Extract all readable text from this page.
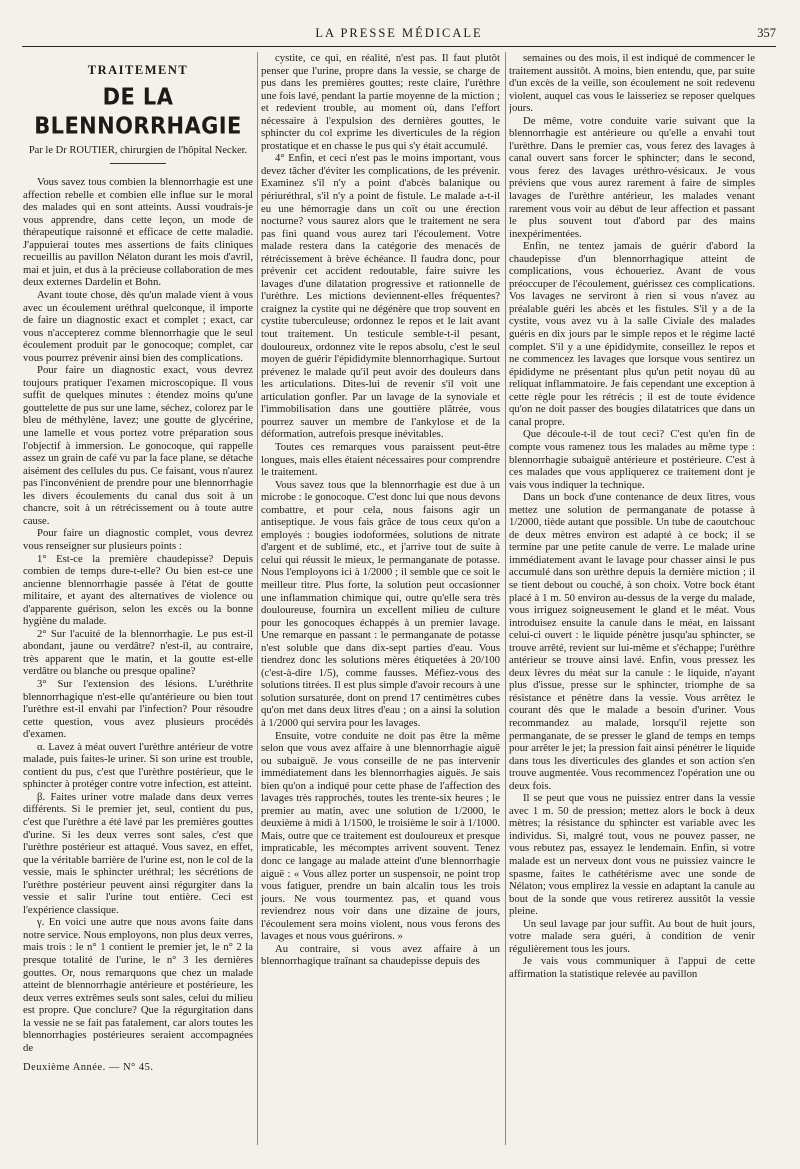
LA PRESSE MÉDICALE	357
TRAITEMENT
DE LA BLENNORRHAGIE
Par le Dr ROUTIER, chirurgien de l'hôpital Necker.

Vous savez tous combien la blennorrhagie est une affection rebelle et combien elle influe sur le moral des malades qui en sont atteints. Aussi voudrais-je vous apprendre, dans cette leçon, un mode de thérapeutique raisonné et efficace de cette maladie. J'appuierai toutes mes assertions de faits cliniques recueillis au pavillon Nélaton durant les mois d'avril, mai et juin, et dus à la précieuse collaboration de mes deux externes Dardelin et Bohn.

Avant toute chose, dès qu'un malade vient à vous avec un écoulement uréthral quelconque, il importe de faire un diagnostic exact et complet ; exact, car vous n'accepterez comme blennorrhagie que le seul écoulement produit par le gonocoque; complet, car vous pourrez prévenir ainsi bien des complications.

Pour faire un diagnostic exact, vous devrez toujours pratiquer l'examen microscopique. Il vous suffit de quelques minutes : étendez moins qu'une gouttelette de pus sur une lame, séchez, colorez par le bleu de méthylène, lavez; une goutte de glycérine, une lamelle et vous portez votre préparation sous l'objectif à immersion. Le gonocoque, qui rappelle assez un grain de café vu par la face plane, se détache aisément des cellules du pus. Ce faisant, vous n'aurez pas l'inconvénient de prendre pour une blennorrhagie les divers écoulements du canal dus soit à un chancre, soit à un rétrécissement ou à toute autre cause.

Pour faire un diagnostic complet, vous devrez vous renseigner sur plusieurs points :

1° Est-ce la première chaudepisse? Depuis combien de temps dure-t-elle? Ou bien est-ce une ancienne blennorrhagie passée à l'état de goutte militaire, et ayant des alternatives de violence ou d'apparente guérison, selon les excès ou la bonne hygiène du malade.

2° Sur l'acuité de la blennorrhagie. Le pus est-il abondant, jaune ou verdâtre? n'est-il, au contraire, très apparent que le matin, et la goutte est-elle verdâtre ou blanche ou presque opaline?

3° Sur l'extension des lésions. L'uréthrite blennorrhagique n'est-elle qu'antérieure ou bien tout l'urèthre est-il envahi par l'infection? Pour résoudre cette question, vous avez plusieurs procédés d'examen.

α. Lavez à méat ouvert l'urèthre antérieur de votre malade, puis faites-le uriner. Si son urine est trouble, contient du pus, c'est que l'urèthre postérieur, que le sphincter à protéger contre votre infection, est atteint.

β. Faites uriner votre malade dans deux verres différents. Si le premier jet, seul, contient du pus, c'est que l'urèthre a été lavé par les premières gouttes d'urine. Si les deux verres sont sales, c'est que l'urèthre postérieur est attaqué. Vous savez, en effet, que la véritable barrière de l'urine est, non le col de la vessie, mais le sphincter uréthral; les sécrétions de l'urèthre postérieur peuvent ainsi régurgiter dans la vessie et salir l'urine tout entière. Ceci est l'expérience classique.

γ. En voici une autre que nous avons faite dans notre service. Nous employons, non plus deux verres, mais trois : le n° 1 contient le premier jet, le n° 2 la presque totalité de l'urine, le n° 3 les dernières gouttes. Or, nous remarquons que chez un malade atteint de blennorrhagie antérieure et postérieure, les deux verres extrêmes seuls sont sales, celui du milieu est propre. Que conclure? Que la régurgitation dans la vessie ne se fait pas fatalement, car alors toutes les blennorrhagies postérieures seraient accompagnées de

Deuxième Année. — N° 45.

cystite, ce qui, en réalité, n'est pas. Il faut plutôt penser que l'urine, propre dans la vessie, se charge de pus dans les premières gouttes; reste claire, l'urèthre une fois lavé, pendant la partie moyenne de la miction ; et redevient trouble, au moment où, dans l'effort nécessaire à l'expulsion des dernières gouttes, le sphincter du col exprime les diverticules de la région prostatique et en chasse le pus qui s'y était accumulé.

4° Enfin, et ceci n'est pas le moins important, vous devez tâcher d'éviter les complications, de les prévenir. Examinez s'il n'y a point d'abcès balanique ou périuréthral, s'il n'y a point de fistule. Le malade a-t-il eu une hémorragie dans un coït ou une érection nocturne? vous saurez alors que le traitement ne sera pas fini quand vous aurez tari l'écoulement. Votre malade restera dans la catégorie des menacés de rétrécissement à brève échéance. Il faudra donc, pour prévenir cet accident redoutable, faire suivre les lavages d'une dilatation progressive et rationnelle de l'urèthre. Les mictions deviennent-elles fréquentes? craignez la cystite qui ne dégénère que trop souvent en cystite tuberculeuse; ordonnez le repos et le lait avant tout traitement. Un testicule semble-t-il pesant, douloureux, ordonnez vite le repos absolu, c'est le seul moyen de guérir l'épididymite blennorrhagique. Surtout prévenez le malade qu'il peut avoir des douleurs dans les articulations. Dites-lui de revenir s'il voit une articulation gonfler. Par un lavage de la synoviale et l'immobilisation dans une gouttière plâtrée, vous pourrez sauver un membre de l'ankylose et de la déformation, autrefois presque inévitables.

Toutes ces remarques vous paraissent peut-être longues, mais elles étaient nécessaires pour comprendre le traitement.

Vous savez tous que la blennorrhagie est due à un microbe : le gonocoque. C'est donc lui que nous devons combattre, et pour cela, nous faisons agir un antiseptique. Je vous fais grâce de tous ceux qu'on a employés : bougies iodoformées, solutions de nitrate d'argent et de sublimé, etc., et j'arrive tout de suite à celui qui réussit le mieux, le permanganate de potasse. Nous l'employons ici à 1/2000 ; il semble que ce soit le meilleur titre. Plus forte, la solution peut occasionner une inflammation chimique qui, outre qu'elle sera très douloureuse, fournira un excellent milieu de culture pour les gonocoques échappés à un premier lavage. Une remarque en passant : le permanganate de potasse n'est soluble que dans dix-sept parties d'eau. Vous tiendrez donc les solutions mères étiquetées à 20/100 (c'est-à-dire 1/5), comme fausses. Méfiez-vous des solutions titrées. Il est plus simple d'avoir recours à une solution sursaturée, dont on prend 17 centimètres cubes qu'on met dans deux litres d'eau ; on a ainsi la solution à 1/2000 qui servira pour les lavages.

Ensuite, votre conduite ne doit pas être la même selon que vous avez affaire à une blennorrhagie aiguë ou subaiguë. Je vous conseille de ne pas intervenir immédiatement dans les blennorrhagies aiguës. Je sais bien qu'on a indiqué pour cette phase de l'affection des lavages très rapprochés, toutes les trente-six heures ; le premier au matin, avec une solution de 1/2000, le deuxième à midi à 1/1500, le troisième le soir à 1/1000. Mais, outre que ce traitement est douloureux et presque impraticable, les mécomptes arrivent souvent. Tenez donc ce langage au malade atteint d'une blennorrhagie aiguë : « Vous allez porter un suspensoir, ne point trop vous fatiguer, prendre un bain alcalin tous les trois jours. Ne vous tourmentez pas, et quand vous reviendrez nous voir dans une dizaine de jours, l'écoulement sera moins violent, nous vous ferons des lavages et nous vous guérirons. »

Au contraire, si vous avez affaire à un blennorrhagique traînant sa chaudepisse depuis des

semaines ou des mois, il est indiqué de commencer le traitement aussitôt. A moins, bien entendu, que, par suite d'un excès de la veille, son écoulement ne soit redevenu violent, auquel cas vous le laisseriez se reposer quelques jours.

De même, votre conduite varie suivant que la blennorrhagie est antérieure ou qu'elle a envahi tout l'urèthre. Dans le premier cas, vous ferez des lavages à canal ouvert sans forcer le sphincter; dans le second, vous ferez des lavages uréthro-vésicaux. Je vous préviens que vous aurez rarement à faire de simples lavages de l'urèthre antérieur, les malades venant rarement vous voir au début de leur affection et passant le plus souvent tout d'abord par des mains inexpérimentées.

Enfin, ne tentez jamais de guérir d'abord la chaudepisse d'un blennorrhagique atteint de complications, vous échoueriez. Avant de vous préoccuper de l'écoulement, guérissez ces complications. Vos lavages ne serviront à rien si vous n'avez au préalable guéri les abcès et les fistules. S'il y a de la cystite, vous avez vu à la salle Civiale des malades guéris en dix jours par le simple repos et le régime lacté complet. S'il y a une épididymite, conseillez le repos et ne commencez les lavages que lorsque vous sentirez un épididyme ne présentant plus qu'un petit noyau dû au reliquat inflammatoire. Je fais cependant une exception à cette règle pour les rétrécis ; il est de toute évidence qu'on ne doit passer des bougies dilatatrices que dans un canal propre.

Que découle-t-il de tout ceci? C'est qu'en fin de compte vous ramenez tous les malades au même type : blennorrhagie subaiguë antérieure et postérieure. C'est à ces malades que vous appliquerez ce traitement dont je vais vous indiquer la technique.

Dans un bock d'une contenance de deux litres, vous mettez une solution de permanganate de potasse à 1/2000, tiède autant que possible. Un tube de caoutchouc de deux mètres environ est adapté à ce bock; il se termine par une petite canule de verre. Le malade urine immédiatement avant le lavage pour chasser ainsi le pus accumulé dans son urèthre depuis la dernière miction ; il se tient debout ou couché, à son choix. Votre bock étant placé à 1 m. 50 environ au-dessus de la verge du malade, vous irriguez soigneusement le gland et le méat. Vous introduisez ensuite la canule dans le méat, en laissant celui-ci ouvert : le liquide pénètre jusqu'au sphincter, se trouve arrêté, revient sur lui-même et s'échappe; l'urèthre antérieur se trouve ainsi lavé. Enfin, vous pressez les deux lèvres du méat sur la canule : le liquide, n'ayant plus d'issue, presse sur le sphincter, triomphe de sa résistance et pénètre dans la vessie. Vous arrêtez le courant dès que le malade a besoin d'uriner. Vous recommandez au malade, lorsqu'il rejette son permanganate, de se presser le gland de temps en temps pour arrêter le jet; la pression fait ainsi pénétrer le liquide dans tous les diverticules des glandes et son action s'en trouve augmentée. Vous recommencez l'opération une ou deux fois.

Il se peut que vous ne puissiez entrer dans la vessie avec 1 m. 50 de pression; mettez alors le bock à deux mètres; la résistance du sphincter est variable avec les individus. Si, malgré tout, vous ne pouvez passer, ne vous rebutez pas, essayez le lendemain. Enfin, si votre malade est un nerveux dont vous ne puissiez vaincre le spasme, faites le cathétérisme avec une sonde de Nélaton; vous emplirez la vessie en adaptant la canule au bout de la sonde que vous retirerez aussitôt la vessie pleine.

Un seul lavage par jour suffit. Au bout de huit jours, votre malade sera guéri, à condition de venir régulièrement tous les jours.

Je vais vous communiquer à l'appui de cette affirmation la statistique relevée au pavillon
